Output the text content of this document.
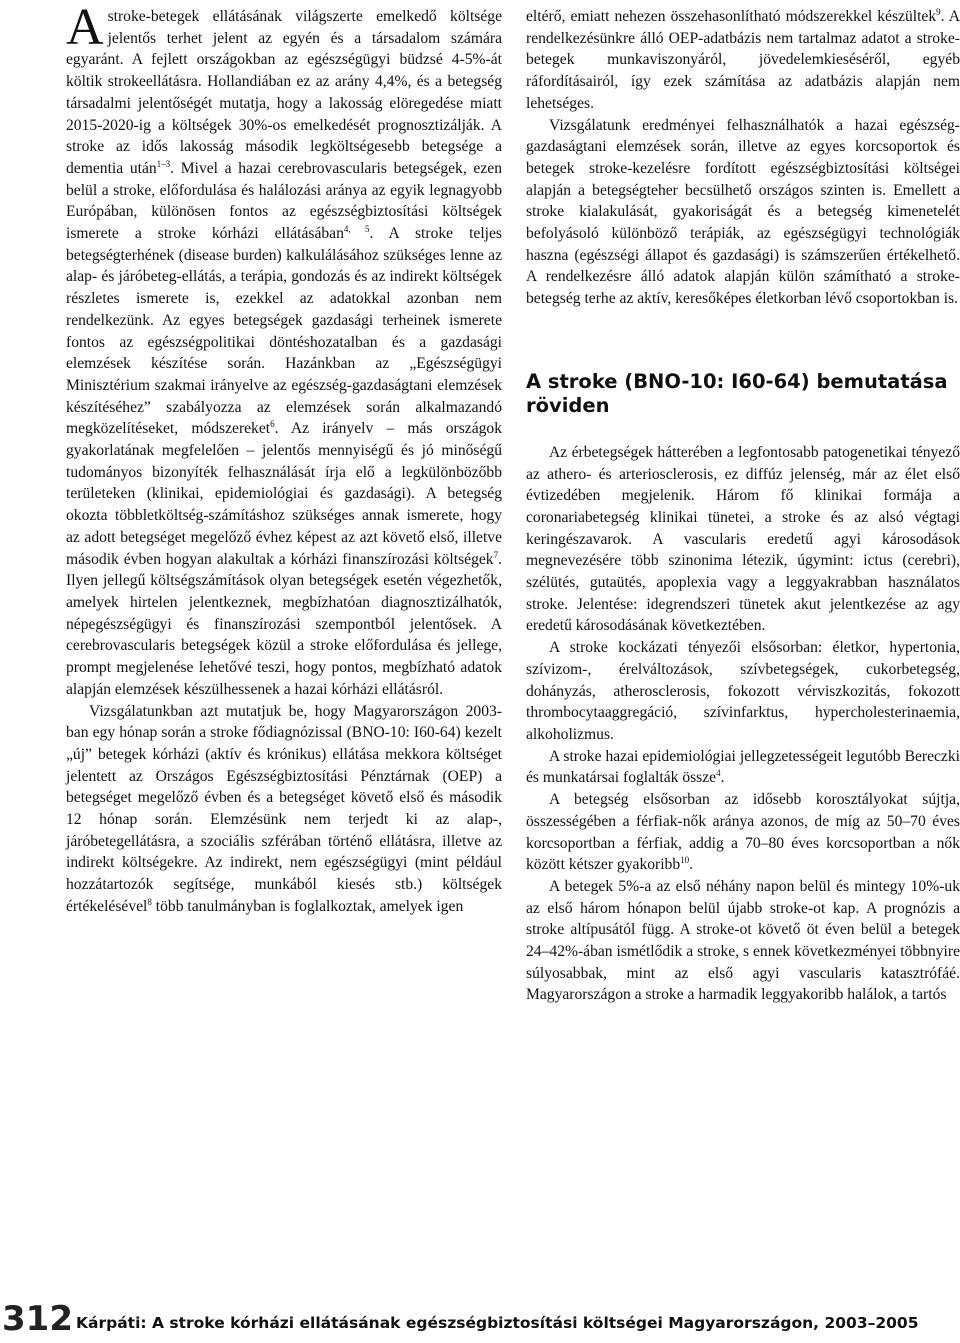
Astroke-betegek ellátásának világszerte emelkedő költsége jelentős terhet jelent az egyén és a társadalom számára egyaránt. A fejlett országokban az egészségügyi büdzsé 4-5%-át költik strokeellátásra. Hollandiában ez az arány 4,4%, és a betegség társadalmi jelentőségét mutatja, hogy a lakosság elöregedése miatt 2015-2020-ig a költségek 30%-os emelkedését prognosztizálják. A stroke az idős lakosság második legköltségesebb betegsége a dementia után$^{1-3}$. Mivel a hazai cerebrovascularis betegségek, ezen belül a stroke, előfordulása és halálozási aránya az egyik legnagyobb Európában, különösen fontos az egészségbiztosítási költségek ismerete a stroke kórházi ellátásában$^{4, 5}$. A stroke teljes betegségterhének (disease burden) kalkulálásához szükséges lenne az alap- és járóbeteg-ellátás, a terápia, gondozás és az indirekt költségek részletes ismerete is, ezekkel az adatokkal azonban nem rendelkezünk. Az egyes betegségek gazdasági terheinek ismerete fontos az egészségpolitikai döntéshozatalban és a gazdasági elemzések készítése során. Hazánkban az „Egészségügyi Minisztérium szakmai irányelve az egészség-gazdaságtani elemzések készítéséhez” szabályozza az elemzések során alkalmazandó megközelítéseket, módszereket$^6$. Az irányelv – más országok gyakorlatának megfelelően – jelentős mennyiségű és jó minőségű tudományos bizonyíték felhasználását írja elő a legkülönbözőbb területeken (klinikai, epidemiológiai és gazdasági). A betegség okozta többletköltség-számításhoz szükséges annak ismerete, hogy az adott betegséget megelőző évhez képest az azt követő első, illetve második évben hogyan alakultak a kórházi finanszírozási költségek$^7$. Ilyen jellegű költségszámítások olyan betegségek esetén végezhetők, amelyek hirtelen jelentkeznek, megbízhatóan diagnosztizálhatók, népegészségügyi és finanszírozási szempontból jelentősek. A cerebrovascularis betegségek közül a stroke előfordulása és jellege, prompt megjelenése lehetővé teszi, hogy pontos, megbízható adatok alapján elemzések készülhessenek a hazai kórházi ellátásról.

Vizsgálatunkban azt mutatjuk be, hogy Magyarországon 2003-ban egy hónap során a stroke fődiagnózissal (BNO-10: I60-64) kezelt „új” betegek kórházi (aktív és krónikus) ellátása mekkora költséget jelentett az Országos Egészségbiztosítási Pénztárnak (OEP) a betegséget megelőző évben és a betegséget követő első és második 12 hónap során. Elemzésünk nem terjedt ki az alap-, járóbetegellátásra, a szociális szférában történő ellátásra, illetve az indirekt költségekre. Az indirekt, nem egészségügyi (mint például hozzátartozók segítsége, munkából kiesés stb.) költségek értékelésével$^8$ több tanulmányban is foglalkoztak, amelyek igen

eltérő, emiatt nehezen összehasonlítható módszerekkel készültek$^9$. A rendelkezésünkre álló OEP-adatbázis nem tartalmaz adatot a stroke-betegek munkaviszonyáról, jövedelemkieséséről, egyéb ráfordításairól, így ezek számítása az adatbázis alapján nem lehetséges.

Vizsgálatunk eredményei felhasználhatók a hazai egészség-gazdaságtani elemzések során, illetve az egyes korcsoportok és betegek stroke-kezelésre fordított egészségbiztosítási költségei alapján a betegségteher becsülhető országos szinten is. Emellett a stroke kialakulását, gyakoriságát és a betegség kimenetelét befolyásoló különböző terápiák, az egészségügyi technológiák haszna (egészségi állapot és gazdasági) is számszerűen értékelhető. A rendelkezésre álló adatok alapján külön számítható a stroke-betegség terhe az aktív, keresőképes életkorban lévő csoportokban is.

A stroke (BNO-10: I60-64) bemutatása röviden

Az érbetegségek hátterében a legfontosabb patogenetikai tényező az athero- és arteriosclerosis, ez diffúz jelenség, már az élet első évtizedében megjelenik. Három fő klinikai formája a coronariabetegség klinikai tünetei, a stroke és az alsó végtagi keringészavarok. A vascularis eredetű agyi károsodások megnevezésére több szinonima létezik, úgymint: ictus (cerebri), szélütés, gutaütés, apoplexia vagy a leggyakrabban használatos stroke. Jelentése: idegrendszeri tünetek akut jelentkezése az agy eredetű károsodásának következtében.

A stroke kockázati tényezői elsősorban: életkor, hypertonia, szívizom-, érelváltozások, szívbetegségek, cukorbetegség, dohányzás, atherosclerosis, fokozott vérviszkozitás, fokozott thrombocytaaggregáció, szívinfarktus, hypercholesterinaemia, alkoholizmus.

A stroke hazai epidemiológiai jellegzetességeit legutóbb Bereczki és munkatársai foglalták össze$^4$.

A betegség elsősorban az idősebb korosztályokat sújtja, összességében a férfiak-nők aránya azonos, de míg az 50–70 éves korcsoportban a férfiak, addig a 70–80 éves korcsoportban a nők között kétszer gyakoribb$^{10}$.

A betegek 5%-a az első néhány napon belül és mintegy 10%-uk az első három hónapon belül újabb stroke-ot kap. A prognózis a stroke altípusától függ. A stroke-ot követő öt éven belül a betegek 24–42%-ában ismétlődik a stroke, s ennek következményei többnyire súlyosabbak, mint az első agyi vascularis katasztrófáé. Magyarországon a stroke a harmadik leggyakoribb halálok, a tartós

312 Kárpáti: A stroke kórházi ellátásának egészségbiztosítási költségei Magyarországon, 2003–2005
